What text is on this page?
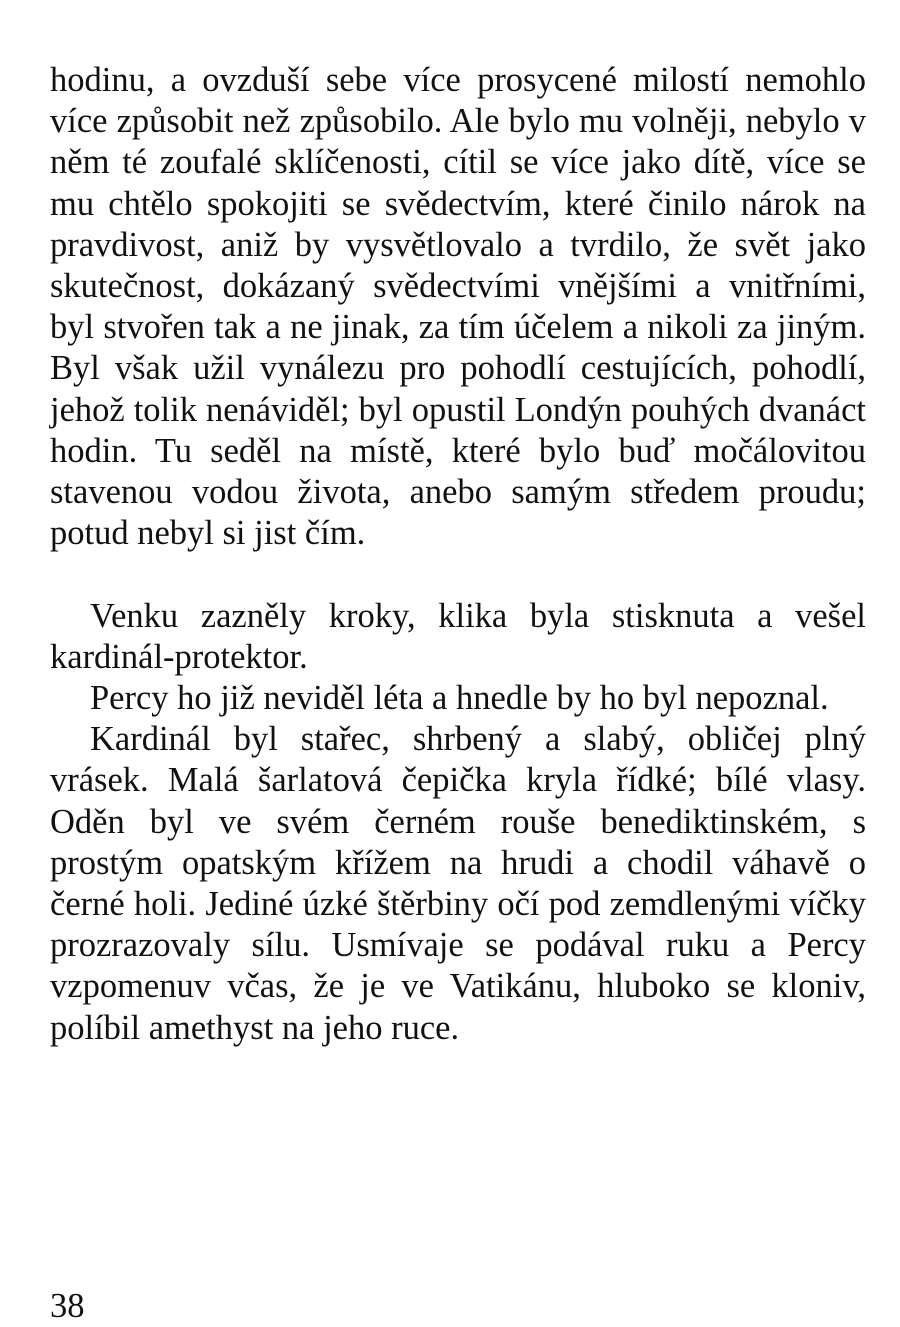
hodinu, a ovzduší sebe více prosycené milostí nemohlo více způsobit než způsobilo. Ale bylo mu volněji, nebylo v něm té zoufalé sklíčenosti, cítil se více jako dítě, více se mu chtělo spokojiti se svědectvím, které činilo nárok na pravdivost, aniž by vysvětlovalo a tvrdilo, že svět jako skutečnost, dokázaný svědectvími vnějšími a vnitřními, byl stvořen tak a ne jinak, za tím účelem a nikoli za jiným. Byl však užil vynálezu pro pohodlí cestujících, pohodlí, jehož tolik nenáviděl; byl opustil Londýn pouhých dvanáct hodin. Tu seděl na místě, které bylo buď močálovitou stavenou vodou života, anebo samým středem proudu; potud nebyl si jist čím.

Venku zazněly kroky, klika byla stisknuta a vešel kardinál-protektor.

Percy ho již neviděl léta a hnedle by ho byl nepoznal.

Kardinál byl stařec, shrbený a slabý, obličej plný vrásek. Malá šarlatová čepička kryla řídké; bílé vlasy. Oděn byl ve svém černém rouše benediktinském, s prostým opatským křížem na hrudi a chodil váhavě o černé holi. Jediné úzké štěrbiny očí pod zemdlenými víčky prozrazovaly sílu. Usmívaje se podával ruku a Percy vzpomenuv včas, že je ve Vatikánu, hluboko se kloniv, políbil amethyst na jeho ruce.

38
